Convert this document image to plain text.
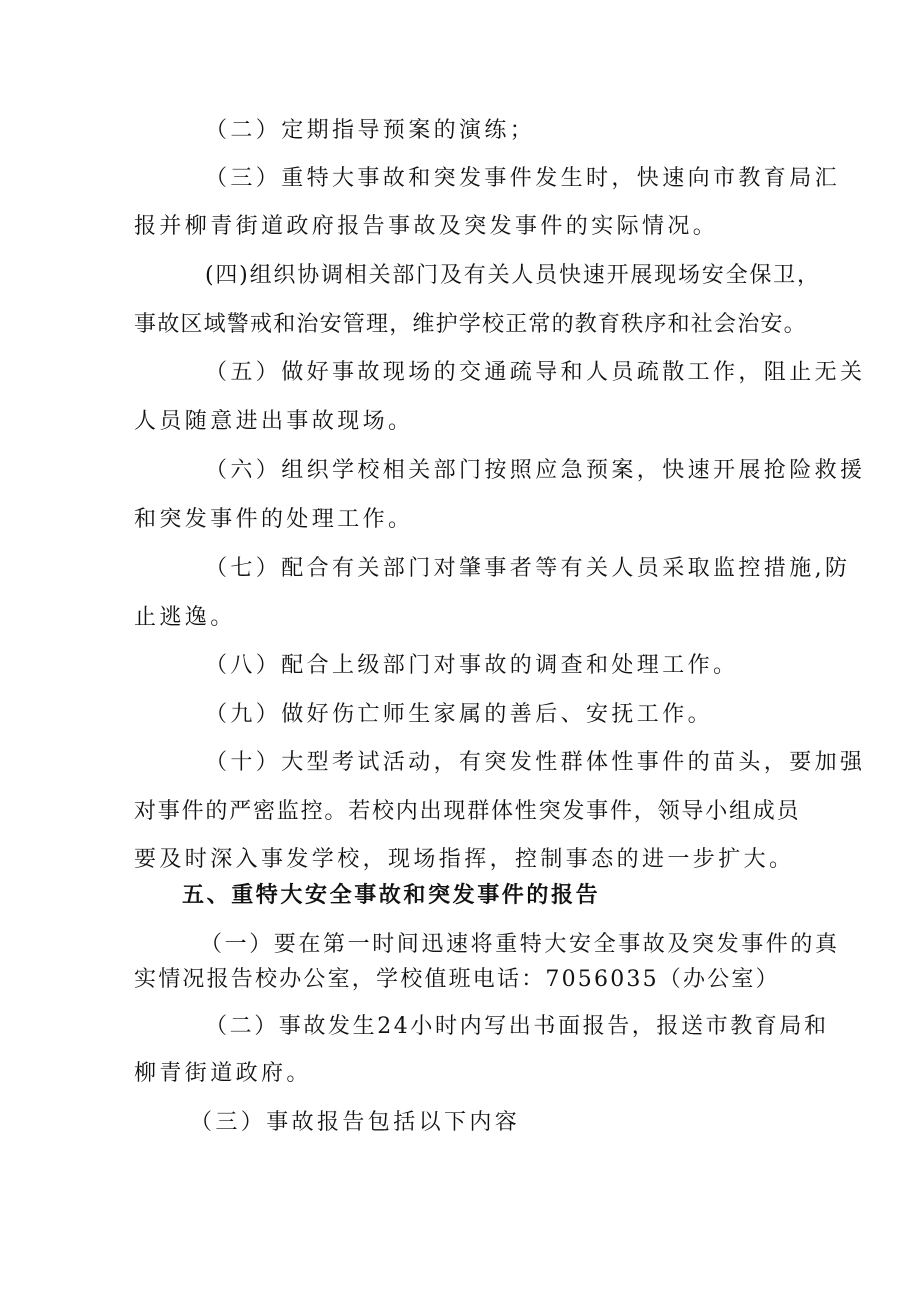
（二）定期指导预案的演练；
（三）重特大事故和突发事件发生时，快速向市教育局汇
报并柳青街道政府报告事故及突发事件的实际情况。
(四)组织协调相关部门及有关人员快速开展现场安全保卫，
事故区域警戒和治安管理，维护学校正常的教育秩序和社会治安。
（五）做好事故现场的交通疏导和人员疏散工作，阻止无关
人员随意进出事故现场。
（六）组织学校相关部门按照应急预案，快速开展抢险救援
和突发事件的处理工作。
（七）配合有关部门对肇事者等有关人员采取监控措施,防
止逃逸。
（八）配合上级部门对事故的调查和处理工作。
（九）做好伤亡师生家属的善后、安抚工作。
（十）大型考试活动，有突发性群体性事件的苗头，要加强
对事件的严密监控。若校内出现群体性突发事件，领导小组成员
要及时深入事发学校，现场指挥，控制事态的进一步扩大。
五、重特大安全事故和突发事件的报告
（一）要在第一时间迅速将重特大安全事故及突发事件的真
实情况报告校办公室，学校值班电话：7056035（办公室）
（二）事故发生24小时内写出书面报告，报送市教育局和
柳青街道政府。
（三）事故报告包括以下内容
